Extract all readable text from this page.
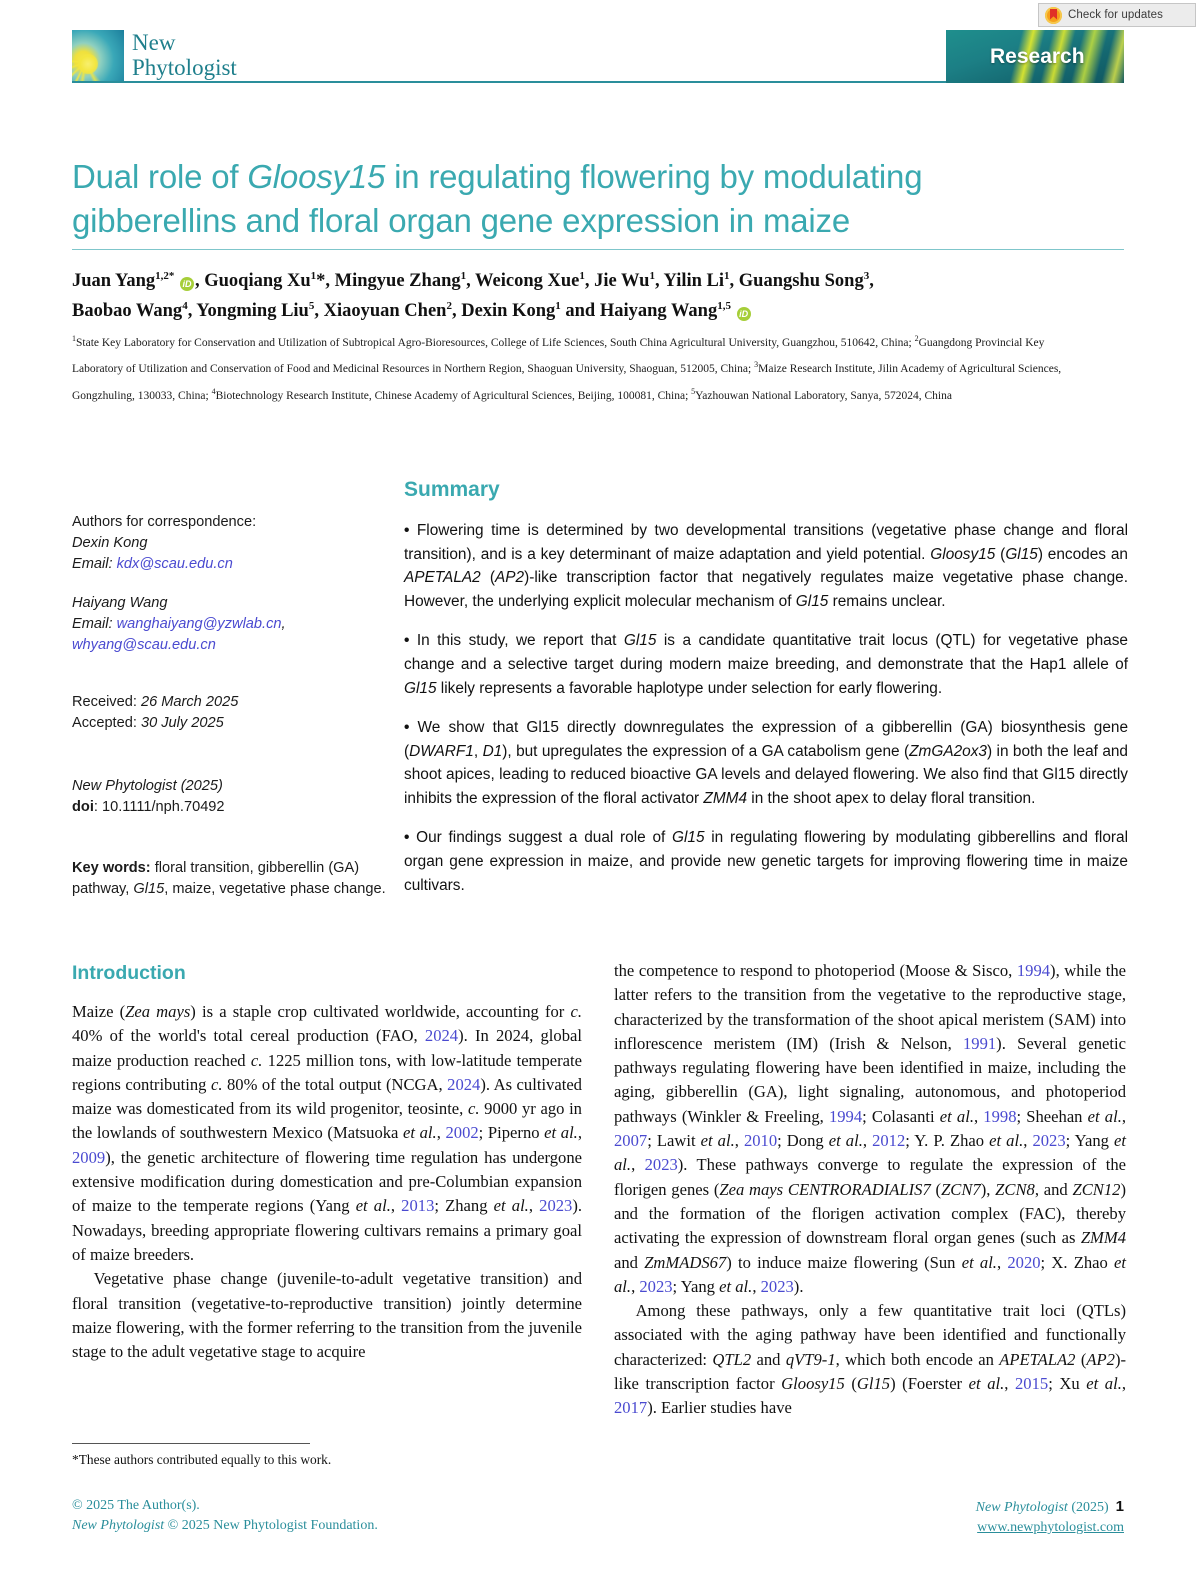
Check for updates
New
Phytologist	Research
Dual role of Gloosy15 in regulating flowering by modulating gibberellins and floral organ gene expression in maize
Juan Yang$^{1,2*}$ iD , Guoqiang Xu$^1$*, Mingyue Zhang$^1$, Weicong Xue$^1$, Jie Wu$^1$, Yilin Li$^1$, Guangshu Song$^3$,
Baobao Wang$^4$, Yongming Liu$^5$, Xiaoyuan Chen$^2$, Dexin Kong$^1$ and Haiyang Wang$^{1,5}$ iD
$^1$State Key Laboratory for Conservation and Utilization of Subtropical Agro-Bioresources, College of Life Sciences, South China Agricultural University, Guangzhou, 510642, China; $^2$Guangdong Provincial Key Laboratory of Utilization and Conservation of Food and Medicinal Resources in Northern Region, Shaoguan University, Shaoguan, 512005, China; $^3$Maize Research Institute, Jilin Academy of Agricultural Sciences, Gongzhuling, 130033, China; $^4$Biotechnology Research Institute, Chinese Academy of Agricultural Sciences, Beijing, 100081, China; $^5$Yazhouwan National Laboratory, Sanya, 572024, China
Authors for correspondence:
Dexin Kong
Email: kdx@scau.edu.cn
Haiyang Wang
Email: wanghaiyang@yzwlab.cn,
whyang@scau.edu.cn
Received: 26 March 2025
Accepted: 30 July 2025
New Phytologist (2025)
doi: 10.1111/nph.70492
Key words: floral transition, gibberellin (GA) pathway, Gl15, maize, vegetative phase change.
Summary

• Flowering time is determined by two developmental transitions (vegetative phase change and floral transition), and is a key determinant of maize adaptation and yield potential. Gloosy15 (Gl15) encodes an APETALA2 (AP2)-like transcription factor that negatively regulates maize vegetative phase change. However, the underlying explicit molecular mechanism of Gl15 remains unclear.

• In this study, we report that Gl15 is a candidate quantitative trait locus (QTL) for vegetative phase change and a selective target during modern maize breeding, and demonstrate that the Hap1 allele of Gl15 likely represents a favorable haplotype under selection for early flowering.

• We show that Gl15 directly downregulates the expression of a gibberellin (GA) biosynthesis gene (DWARF1, D1), but upregulates the expression of a GA catabolism gene (ZmGA2ox3) in both the leaf and shoot apices, leading to reduced bioactive GA levels and delayed flowering. We also find that Gl15 directly inhibits the expression of the floral activator ZMM4 in the shoot apex to delay floral transition.

• Our findings suggest a dual role of Gl15 in regulating flowering by modulating gibberellins and floral organ gene expression in maize, and provide new genetic targets for improving flowering time in maize cultivars.

Introduction

Maize (Zea mays) is a staple crop cultivated worldwide, accounting for c. 40% of the world's total cereal production (FAO, 2024). In 2024, global maize production reached c. 1225 million tons, with low-latitude temperate regions contributing c. 80% of the total output (NCGA, 2024). As cultivated maize was domesticated from its wild progenitor, teosinte, c. 9000 yr ago in the lowlands of southwestern Mexico (Matsuoka et al., 2002; Piperno et al., 2009), the genetic architecture of flowering time regulation has undergone extensive modification during domestication and pre-Columbian expansion of maize to the temperate regions (Yang et al., 2013; Zhang et al., 2023). Nowadays, breeding appropriate flowering cultivars remains a primary goal of maize breeders.

Vegetative phase change (juvenile-to-adult vegetative transition) and floral transition (vegetative-to-reproductive transition) jointly determine maize flowering, with the former referring to the transition from the juvenile stage to the adult vegetative stage to acquire

the competence to respond to photoperiod (Moose & Sisco, 1994), while the latter refers to the transition from the vegetative to the reproductive stage, characterized by the transformation of the shoot apical meristem (SAM) into inflorescence meristem (IM) (Irish & Nelson, 1991). Several genetic pathways regulating flowering have been identified in maize, including the aging, gibberellin (GA), light signaling, autonomous, and photoperiod pathways (Winkler & Freeling, 1994; Colasanti et al., 1998; Sheehan et al., 2007; Lawit et al., 2010; Dong et al., 2012; Y. P. Zhao et al., 2023; Yang et al., 2023). These pathways converge to regulate the expression of the florigen genes (Zea mays CENTRORADIALIS7 (ZCN7), ZCN8, and ZCN12) and the formation of the florigen activation complex (FAC), thereby activating the expression of downstream floral organ genes (such as ZMM4 and ZmMADS67) to induce maize flowering (Sun et al., 2020; X. Zhao et al., 2023; Yang et al., 2023).

Among these pathways, only a few quantitative trait loci (QTLs) associated with the aging pathway have been identified and functionally characterized: QTL2 and qVT9-1, which both encode an APETALA2 (AP2)-like transcription factor Gloosy15 (Gl15) (Foerster et al., 2015; Xu et al., 2017). Earlier studies have

*These authors contributed equally to this work.
© 2025 The Author(s).
New Phytologist © 2025 New Phytologist Foundation.
New Phytologist (2025) 1
www.newphytologist.com
